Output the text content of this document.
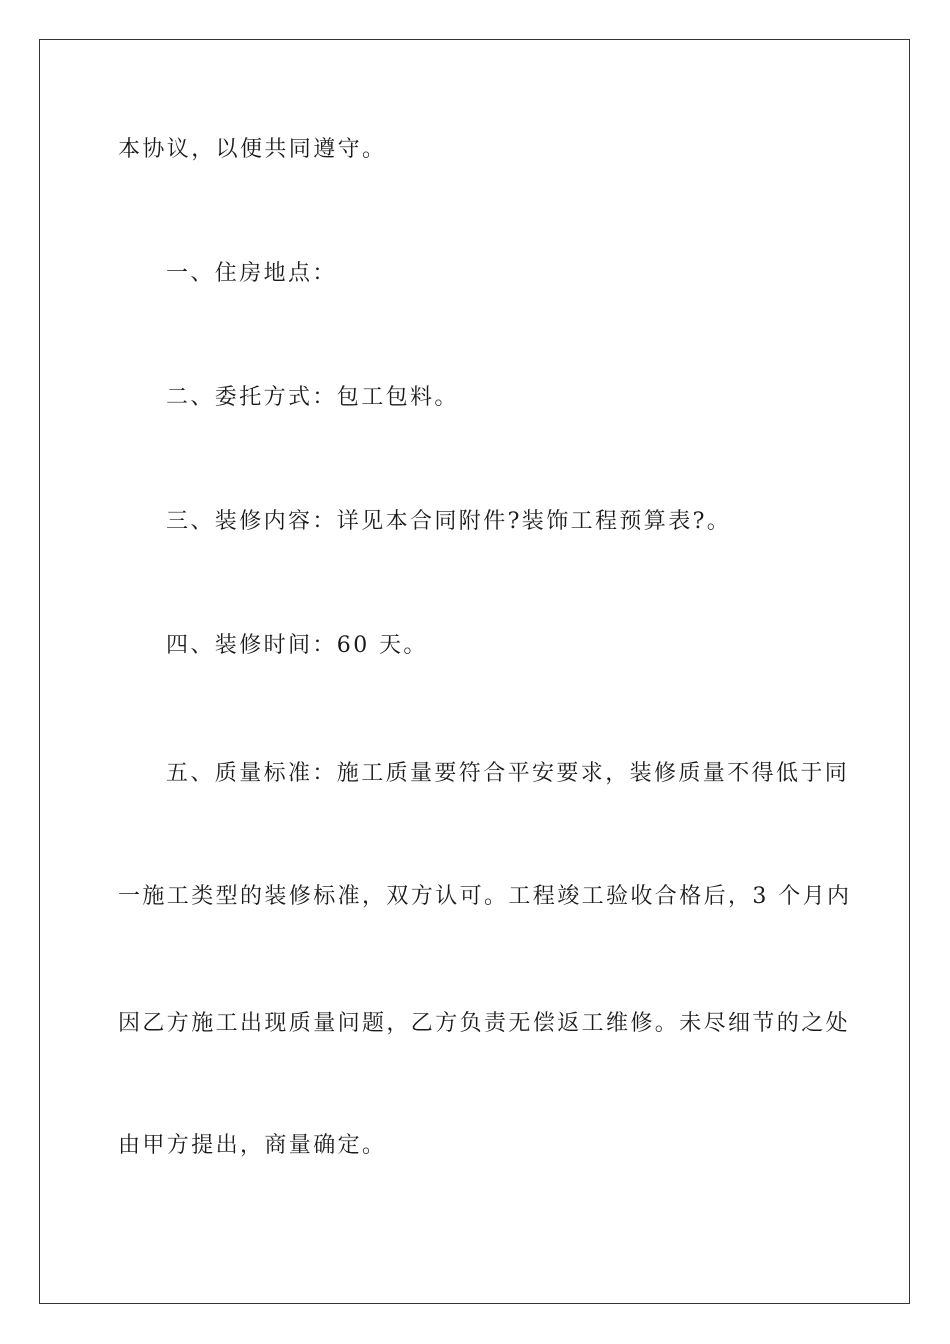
本协议，以便共同遵守。
一、住房地点：
二、委托方式：包工包料。
三、装修内容：详见本合同附件?装饰工程预算表?。
四、装修时间：60 天。
五、质量标准：施工质量要符合平安要求，装修质量不得低于同
一施工类型的装修标准，双方认可。工程竣工验收合格后，3 个月内
因乙方施工出现质量问题，乙方负责无偿返工维修。未尽细节的之处
由甲方提出，商量确定。
